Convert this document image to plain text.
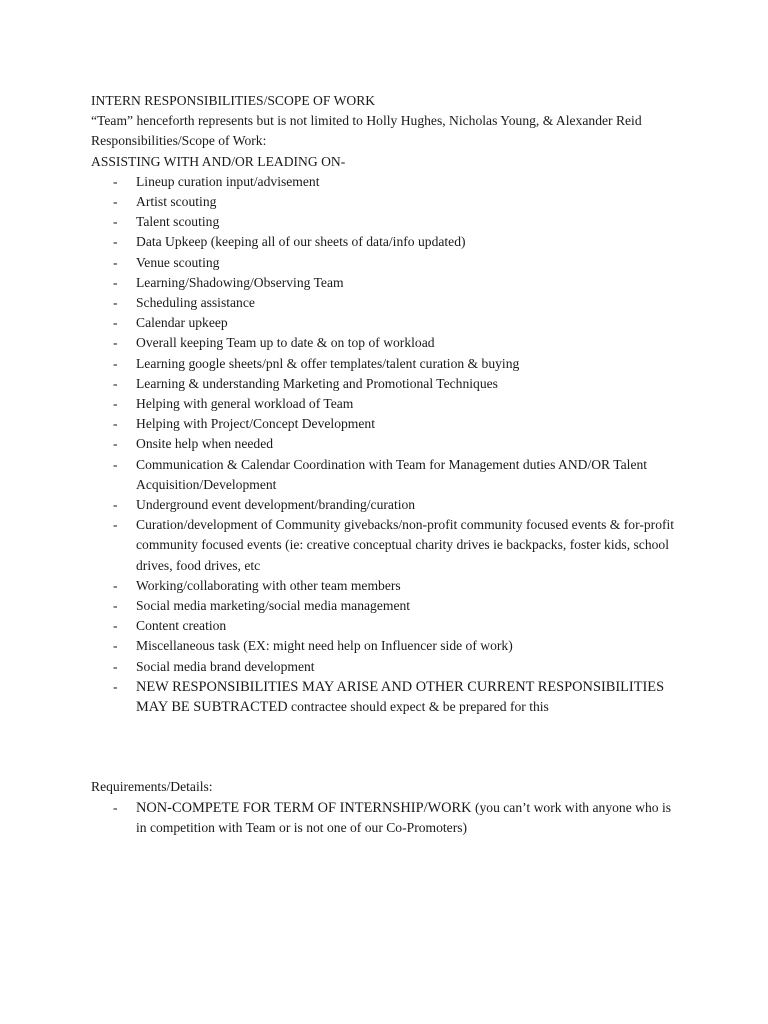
INTERN RESPONSIBILITIES/SCOPE OF WORK

“Team” henceforth represents but is not limited to Holly Hughes, Nicholas Young, & Alexander Reid

Responsibilities/Scope of Work:

ASSISTING WITH AND/OR LEADING ON-

- Lineup curation input/advisement
- Artist scouting
- Talent scouting
- Data Upkeep (keeping all of our sheets of data/info updated)
- Venue scouting
- Learning/Shadowing/Observing Team
- Scheduling assistance
- Calendar upkeep
- Overall keeping Team up to date & on top of workload
- Learning google sheets/pnl & offer templates/talent curation & buying
- Learning & understanding Marketing and Promotional Techniques
- Helping with general workload of Team
- Helping with Project/Concept Development
- Onsite help when needed
- Communication & Calendar Coordination with Team for Management duties AND/OR Talent Acquisition/Development
- Underground event development/branding/curation
- Curation/development of Community givebacks/non-profit community focused events & for-profit community focused events (ie: creative conceptual charity drives ie backpacks, foster kids, school drives, food drives, etc
- Working/collaborating with other team members
- Social media marketing/social media management
- Content creation
- Miscellaneous task (EX: might need help on Influencer side of work)
- Social media brand development
- NEW RESPONSIBILITIES MAY ARISE AND OTHER CURRENT RESPONSIBILITIES MAY BE SUBTRACTED contractee should expect & be prepared for this

Requirements/Details:

- NON-COMPETE FOR TERM OF INTERNSHIP/WORK (you can’t work with anyone who is in competition with Team or is not one of our Co-Promoters)
